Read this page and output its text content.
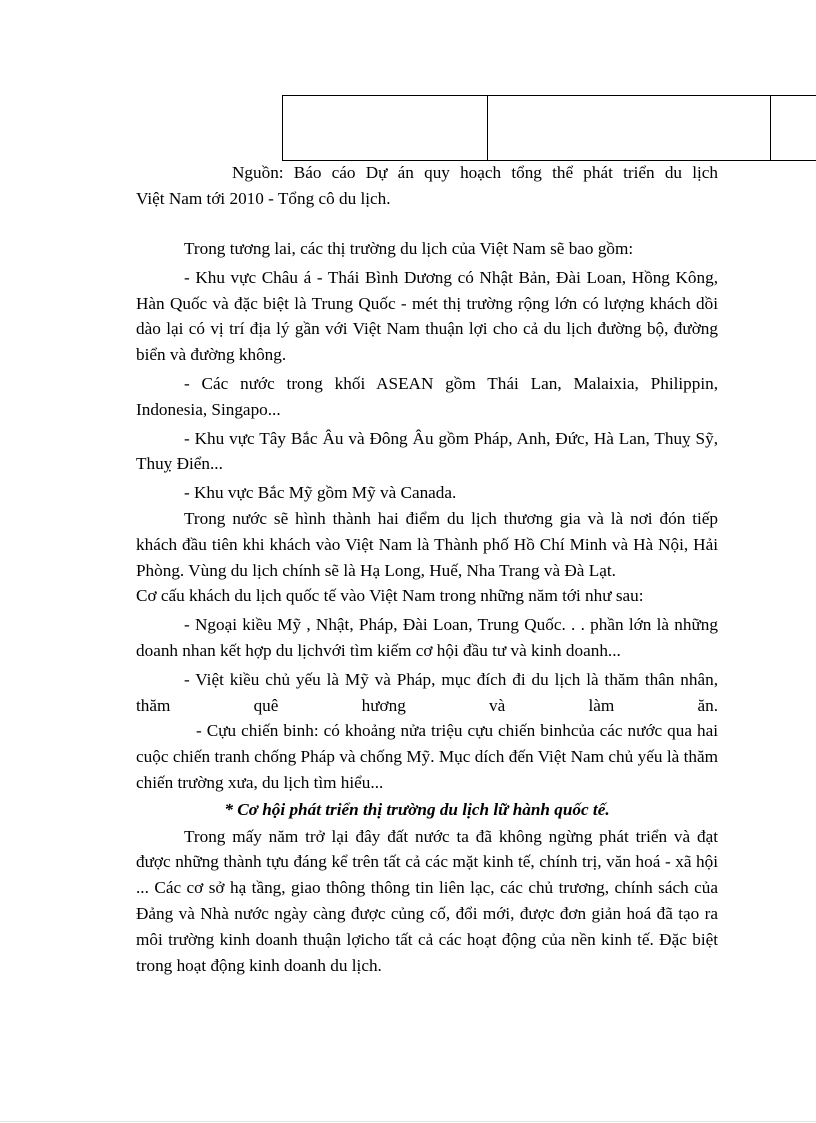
Nguồn: Báo cáo Dự án quy hoạch tổng thể phát triển du lịch
Việt Nam tới 2010 - Tổng cô du lịch.

Trong tương lai, các thị trường du lịch của Việt Nam sẽ bao gồm:

- Khu vực Châu á - Thái Bình Dương có Nhật Bản, Đài Loan, Hồng Kông, Hàn Quốc và đặc biệt là Trung Quốc - mét thị trường rộng lớn có lượng khách dồi dào lại có vị trí địa lý gần với Việt Nam thuận lợi cho cả du lịch đường bộ, đường biển và đường không.

- Các nước trong khối ASEAN gồm Thái Lan, Malaixia, Philippin, Indonesia, Singapo...

- Khu vực Tây Bắc Âu và Đông Âu gồm Pháp, Anh, Đức, Hà Lan, Thuỵ Sỹ, Thuỵ Điển...

- Khu vực Bắc Mỹ gồm Mỹ và Canada.

Trong nước sẽ hình thành hai điểm du lịch thương gia và là nơi đón tiếp khách đầu tiên khi khách vào Việt Nam là Thành phố Hồ Chí Minh và Hà Nội, Hải Phòng. Vùng du lịch chính sẽ là Hạ Long, Huế, Nha Trang và Đà Lạt.

Cơ cấu khách du lịch quốc tế vào Việt Nam trong những năm tới như sau:

- Ngoại kiều Mỹ , Nhật, Pháp, Đài Loan, Trung Quốc. . . phần lớn là những doanh nhan kết hợp du lịchvới tìm kiếm cơ hội đầu tư và kinh doanh...

- Việt kiều chủ yếu là Mỹ và Pháp, mục đích đi du lịch là thăm thân nhân, thăm quê hương và làm ăn.

- Cựu chiến binh: có khoảng nửa triệu cựu chiến binhcủa các nước qua hai cuộc chiến tranh chống Pháp và chống Mỹ. Mục dích đến Việt Nam chủ yếu là thăm chiến trường xưa, du lịch tìm hiểu...

* Cơ hội phát triển thị trường du lịch lữ hành quốc tế.

Trong mấy năm trở lại đây đất nước ta đã không ngừng phát triển và đạt được những thành tựu đáng kể trên tất cả các mặt kinh tế, chính trị, văn hoá - xã hội ... Các cơ sở hạ tầng, giao thông thông tin liên lạc, các chủ trương, chính sách của Đảng và Nhà nước ngày càng được củng cố, đổi mới, được đơn giản hoá đã tạo ra môi trường kinh doanh thuận lợicho tất cả các hoạt động của nền kinh tế. Đặc biệt trong hoạt động kinh doanh du lịch.
